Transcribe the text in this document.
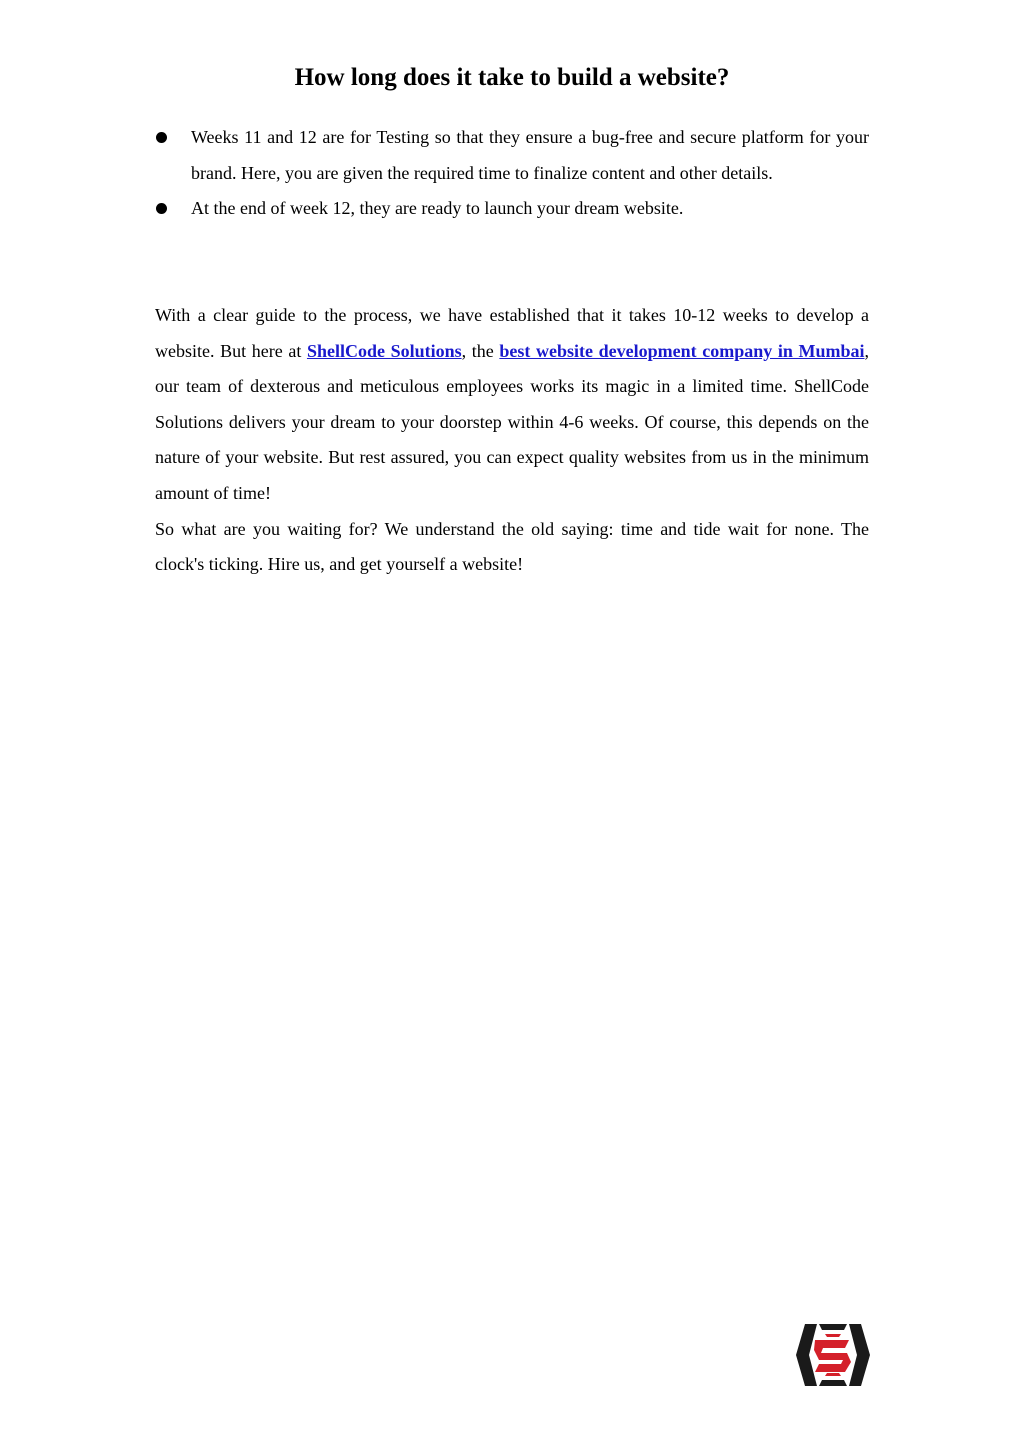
How long does it take to build a website?
Weeks 11 and 12 are for Testing so that they ensure a bug-free and secure platform for your brand. Here, you are given the required time to finalize content and other details.
At the end of week 12, they are ready to launch your dream website.

With a clear guide to the process, we have established that it takes 10-12 weeks to develop a website. But here at ShellCode Solutions, the best website development company in Mumbai, our team of dexterous and meticulous employees works its magic in a limited time. ShellCode Solutions delivers your dream to your doorstep within 4-6 weeks. Of course, this depends on the nature of your website. But rest assured, you can expect quality websites from us in the minimum amount of time!

So what are you waiting for? We understand the old saying: time and tide wait for none. The clock's ticking. Hire us, and get yourself a website!
